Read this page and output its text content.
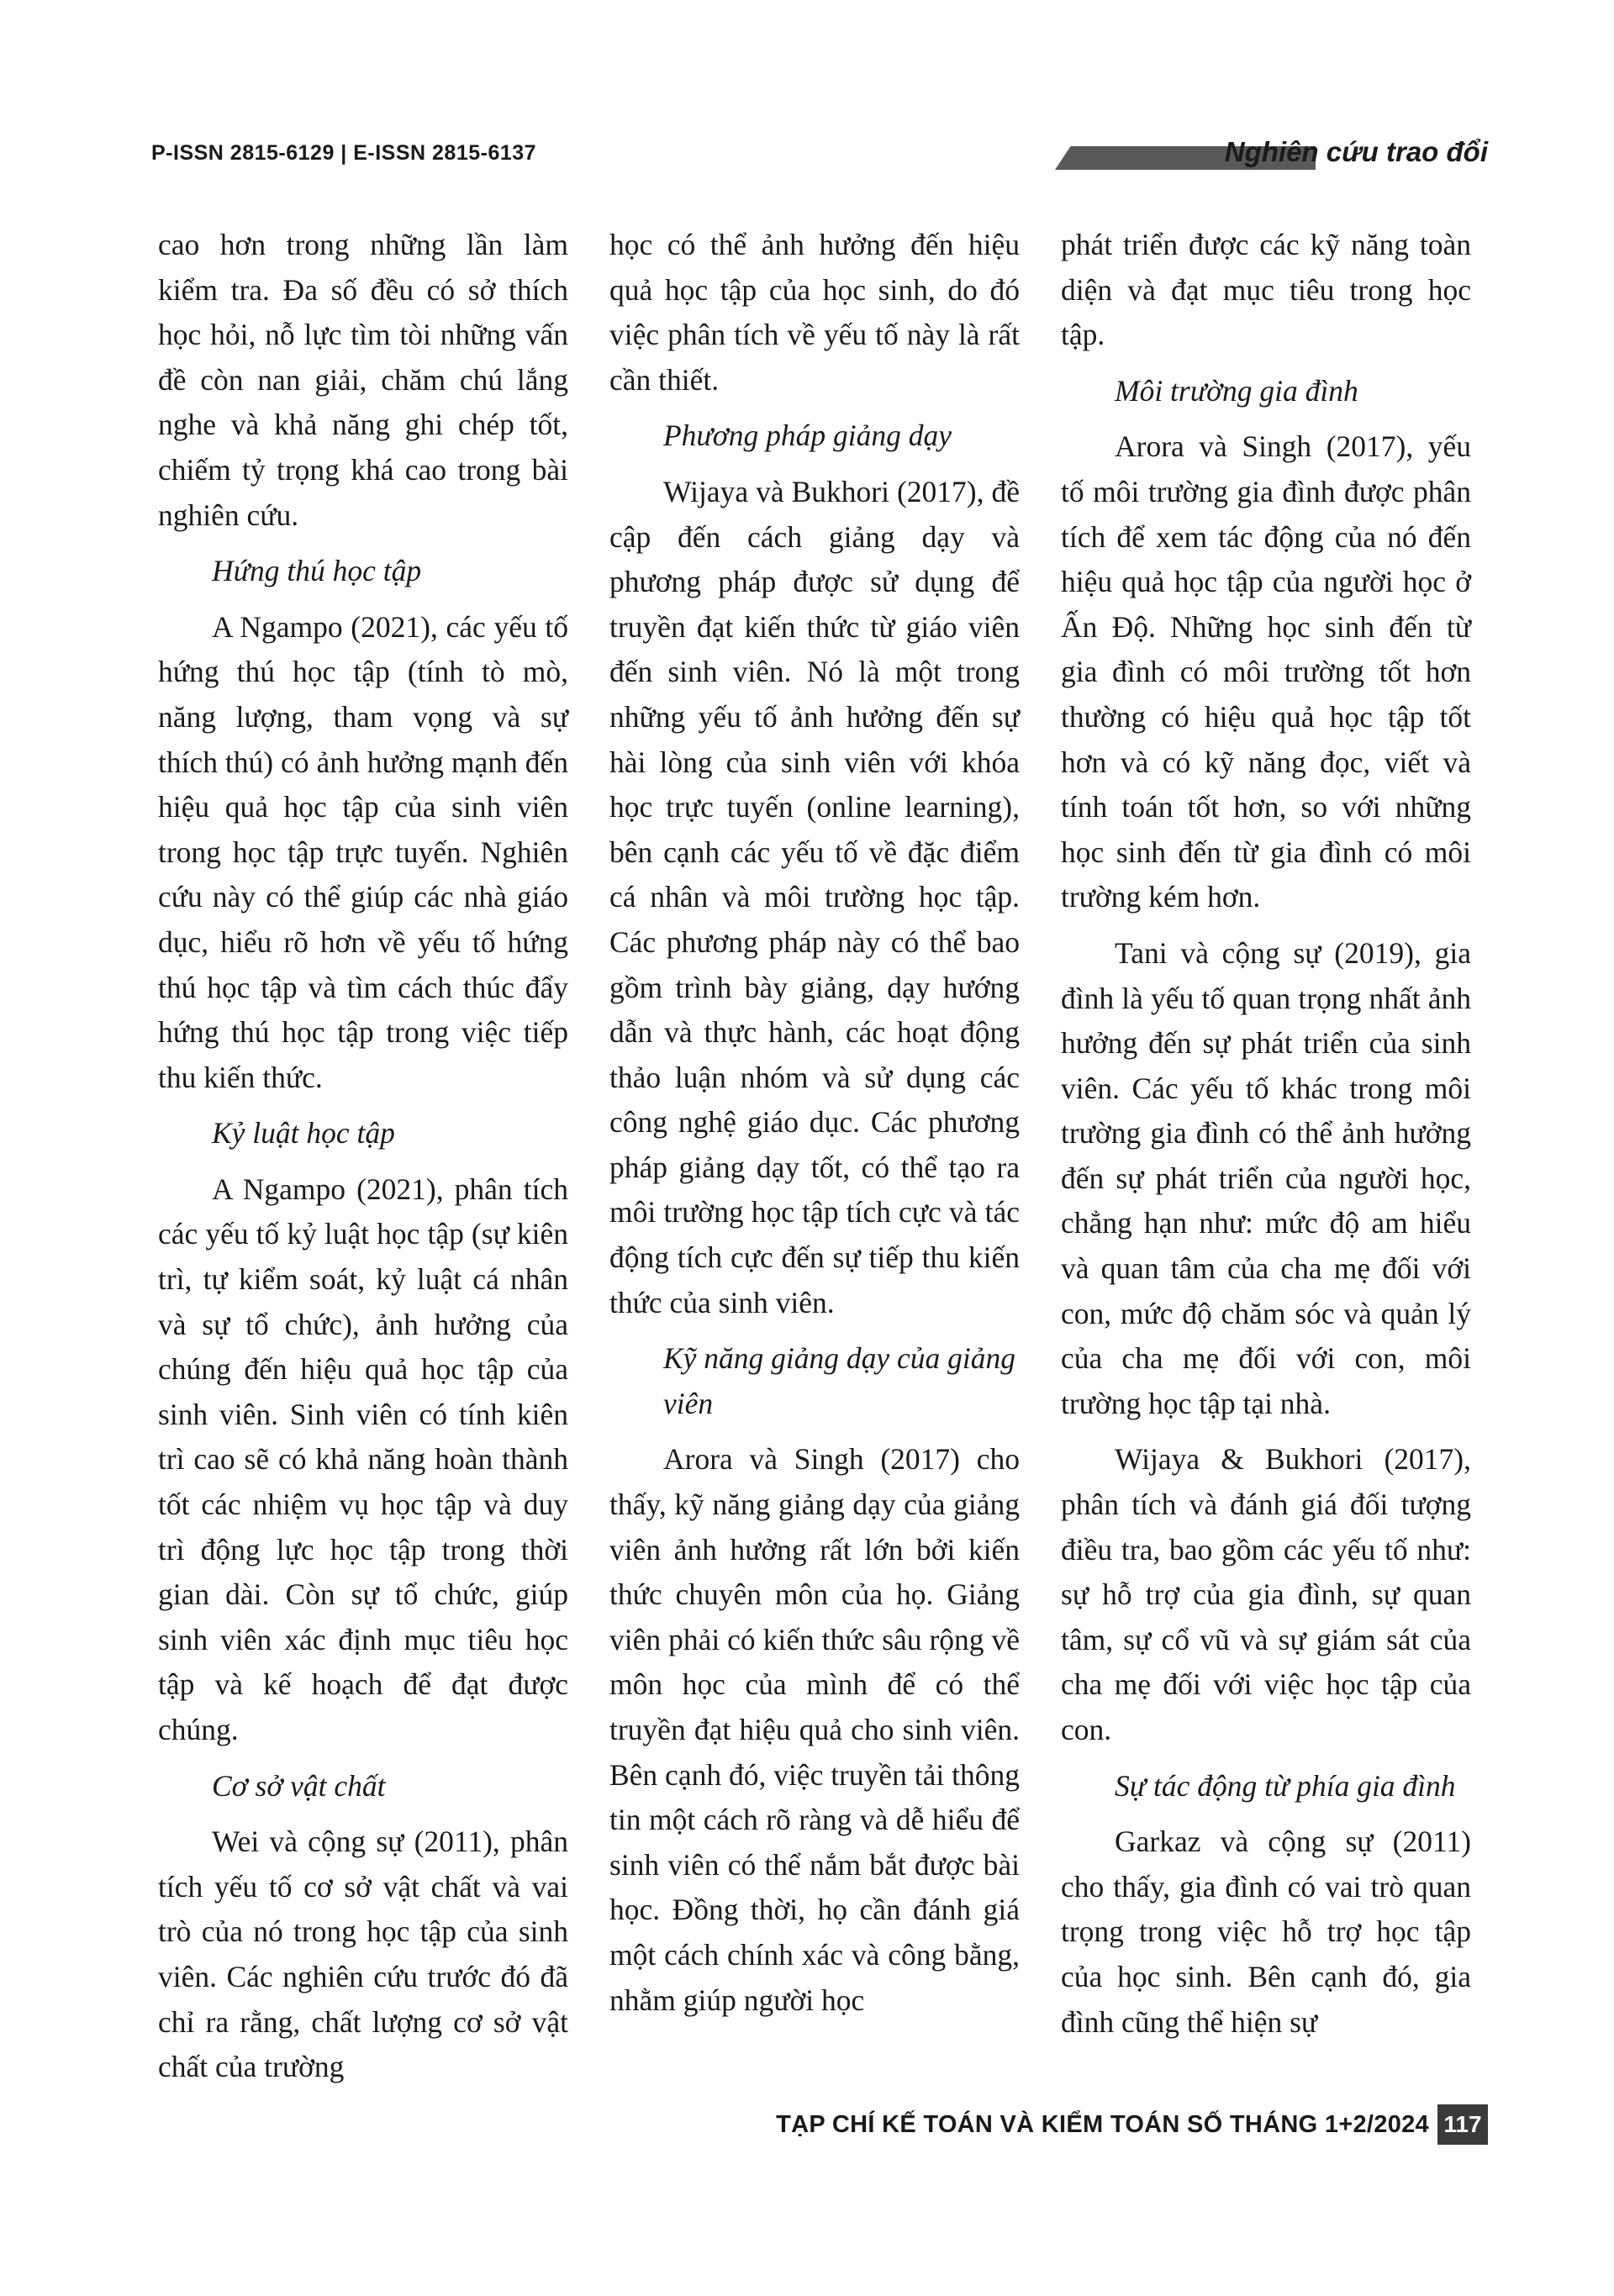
P-ISSN 2815-6129 | E-ISSN 2815-6137	Nghiên cứu trao đổi

cao hơn trong những lần làm kiểm tra. Đa số đều có sở thích học hỏi, nỗ lực tìm tòi những vấn đề còn nan giải, chăm chú lắng nghe và khả năng ghi chép tốt, chiếm tỷ trọng khá cao trong bài nghiên cứu.

Hứng thú học tập

A Ngampo (2021), các yếu tố hứng thú học tập (tính tò mò, năng lượng, tham vọng và sự thích thú) có ảnh hưởng mạnh đến hiệu quả học tập của sinh viên trong học tập trực tuyến. Nghiên cứu này có thể giúp các nhà giáo dục, hiểu rõ hơn về yếu tố hứng thú học tập và tìm cách thúc đẩy hứng thú học tập trong việc tiếp thu kiến thức.

Kỷ luật học tập

A Ngampo (2021), phân tích các yếu tố kỷ luật học tập (sự kiên trì, tự kiểm soát, kỷ luật cá nhân và sự tổ chức), ảnh hưởng của chúng đến hiệu quả học tập của sinh viên. Sinh viên có tính kiên trì cao sẽ có khả năng hoàn thành tốt các nhiệm vụ học tập và duy trì động lực học tập trong thời gian dài. Còn sự tổ chức, giúp sinh viên xác định mục tiêu học tập và kế hoạch để đạt được chúng.

Cơ sở vật chất

Wei và cộng sự (2011), phân tích yếu tố cơ sở vật chất và vai trò của nó trong học tập của sinh viên. Các nghiên cứu trước đó đã chỉ ra rằng, chất lượng cơ sở vật chất của trường

học có thể ảnh hưởng đến hiệu quả học tập của học sinh, do đó việc phân tích về yếu tố này là rất cần thiết.

Phương pháp giảng dạy

Wijaya và Bukhori (2017), đề cập đến cách giảng dạy và phương pháp được sử dụng để truyền đạt kiến thức từ giáo viên đến sinh viên. Nó là một trong những yếu tố ảnh hưởng đến sự hài lòng của sinh viên với khóa học trực tuyến (online learning), bên cạnh các yếu tố về đặc điểm cá nhân và môi trường học tập. Các phương pháp này có thể bao gồm trình bày giảng, dạy hướng dẫn và thực hành, các hoạt động thảo luận nhóm và sử dụng các công nghệ giáo dục. Các phương pháp giảng dạy tốt, có thể tạo ra môi trường học tập tích cực và tác động tích cực đến sự tiếp thu kiến thức của sinh viên.

Kỹ năng giảng dạy của giảng viên

Arora và Singh (2017) cho thấy, kỹ năng giảng dạy của giảng viên ảnh hưởng rất lớn bởi kiến thức chuyên môn của họ. Giảng viên phải có kiến thức sâu rộng về môn học của mình để có thể truyền đạt hiệu quả cho sinh viên. Bên cạnh đó, việc truyền tải thông tin một cách rõ ràng và dễ hiểu để sinh viên có thể nắm bắt được bài học. Đồng thời, họ cần đánh giá một cách chính xác và công bằng, nhằm giúp người học

phát triển được các kỹ năng toàn diện và đạt mục tiêu trong học tập.

Môi trường gia đình

Arora và Singh (2017), yếu tố môi trường gia đình được phân tích để xem tác động của nó đến hiệu quả học tập của người học ở Ấn Độ. Những học sinh đến từ gia đình có môi trường tốt hơn thường có hiệu quả học tập tốt hơn và có kỹ năng đọc, viết và tính toán tốt hơn, so với những học sinh đến từ gia đình có môi trường kém hơn.

Tani và cộng sự (2019), gia đình là yếu tố quan trọng nhất ảnh hưởng đến sự phát triển của sinh viên. Các yếu tố khác trong môi trường gia đình có thể ảnh hưởng đến sự phát triển của người học, chẳng hạn như: mức độ am hiểu và quan tâm của cha mẹ đối với con, mức độ chăm sóc và quản lý của cha mẹ đối với con, môi trường học tập tại nhà.

Wijaya & Bukhori (2017), phân tích và đánh giá đối tượng điều tra, bao gồm các yếu tố như: sự hỗ trợ của gia đình, sự quan tâm, sự cổ vũ và sự giám sát của cha mẹ đối với việc học tập của con.

Sự tác động từ phía gia đình

Garkaz và cộng sự (2011) cho thấy, gia đình có vai trò quan trọng trong việc hỗ trợ học tập của học sinh. Bên cạnh đó, gia đình cũng thể hiện sự

TẠP CHÍ KẾ TOÁN VÀ KIỂM TOÁN SỐ THÁNG 1+2/2024 117
